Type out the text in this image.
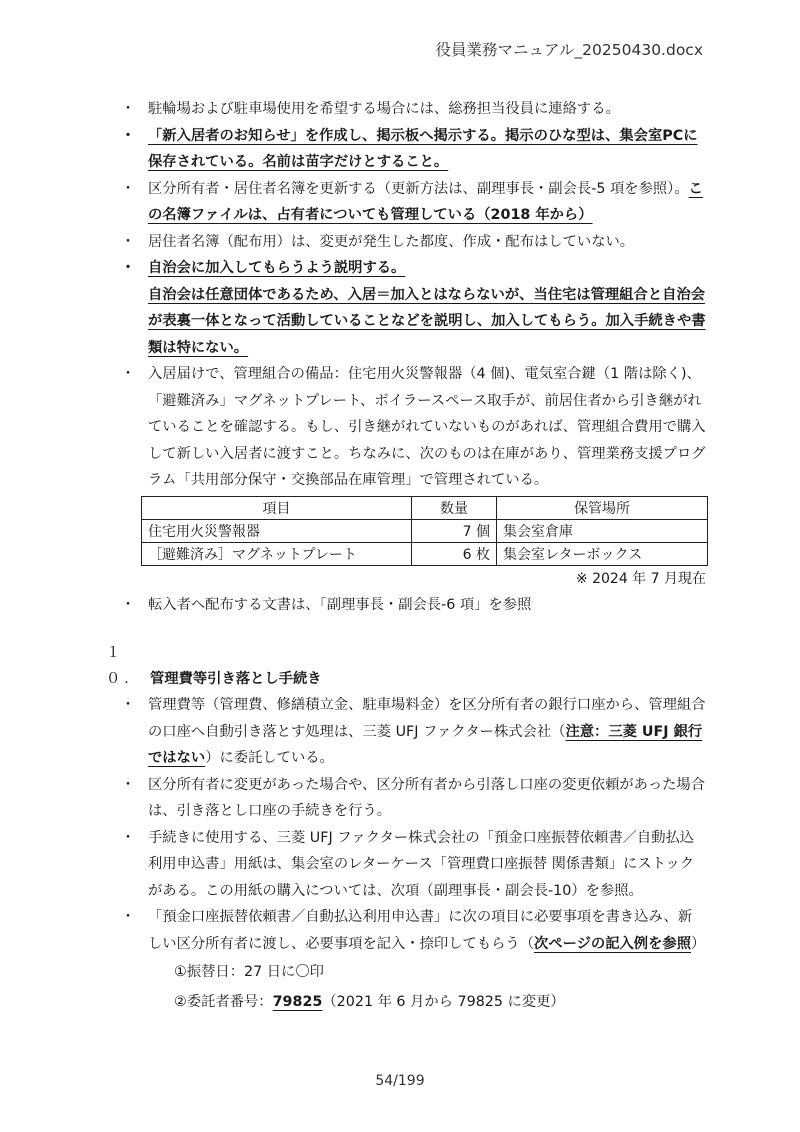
役員業務マニュアル_20250430.docx

・ 駐輪場および駐車場使用を希望する場合には、総務担当役員に連絡する。

・ 「新入居者のお知らせ」を作成し、掲示板へ掲示する。掲示のひな型は、集会室PCに保存されている。名前は苗字だけとすること。

・ 区分所有者・居住者名簿を更新する（更新方法は、副理事長・副会長-5 項を参照）。この名簿ファイルは、占有者についても管理している（2018 年から）

・ 居住者名簿（配布用）は、変更が発生した都度、作成・配布はしていない。

・ 自治会に加入してもらうよう説明する。
自治会は任意団体であるため、入居＝加入とはならないが、当住宅は管理組合と自治会が表裏一体となって活動していることなどを説明し、加入してもらう。加入手続きや書類は特にない。

・ 入居届けで、管理組合の備品：住宅用火災警報器（4 個)、電気室合鍵（1 階は除く)、「避難済み」マグネットプレート、ボイラースペース取手が、前居住者から引き継がれていることを確認する。もし、引き継がれていないものがあれば、管理組合費用で購入して新しい入居者に渡すこと。ちなみに、次のものは在庫があり、管理業務支援プログラム「共用部分保守・交換部品在庫管理」で管理されている。

項目	数量	保管場所
住宅用火災警報器	7 個	集会室倉庫
［避難済み］マグネットプレート	6 枚	集会室レターボックス
※ 2024 年 7 月現在

・ 転入者へ配布する文書は、「副理事長・副会長-6 項」を参照

１０. 管理費等引き落とし手続き

・ 管理費等（管理費、修繕積立金、駐車場料金）を区分所有者の銀行口座から、管理組合の口座へ自動引き落とす処理は、三菱 UFJ ファクター株式会社（注意：三菱 UFJ 銀行ではない）に委託している。

・ 区分所有者に変更があった場合や、区分所有者から引落し口座の変更依頼があった場合は、引き落とし口座の手続きを行う。

・ 手続きに使用する、三菱 UFJ ファクター株式会社の「預金口座振替依頼書／自動払込利用申込書」用紙は、集会室のレターケース「管理費口座振替 関係書類」にストックがある。この用紙の購入については、次項（副理事長・副会長-10）を参照。

・ 「預金口座振替依頼書／自動払込利用申込書」に次の項目に必要事項を書き込み、新しい区分所有者に渡し、必要事項を記入・捺印してもらう（次ページの記入例を参照）

①振替日：27 日に〇印
②委託者番号：79825（2021 年 6 月から 79825 に変更）
54/199
